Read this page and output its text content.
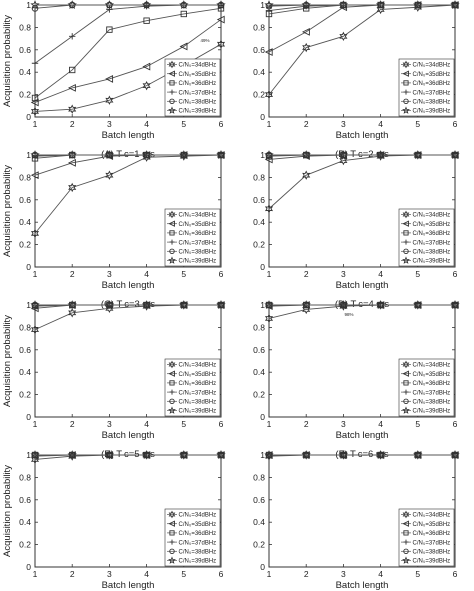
1	2	3	4	5	6
0
0.2
0.4
0.6
0.8
1
Batch length
Acquisition probability
(A) T c=1 ms
49%
C/N₀=34dBHz
C/N₀=35dBHz
C/N₀=36dBHz
C/N₀=37dBHz
C/N₀=38dBHz
C/N₀=39dBHz
1	2	3	4	5	6
0
0.2
0.4
0.6
0.8
1
Batch length
(B) T c=2 ms
C/N₀=34dBHz
C/N₀=35dBHz
C/N₀=36dBHz
C/N₀=37dBHz
C/N₀=38dBHz
C/N₀=39dBHz
1	2	3	4	5	6
0
0.2
0.4
0.6
0.8
1
Batch length
Acquisition probability
(C) T c=3 ms
C/N₀=34dBHz
C/N₀=35dBHz
C/N₀=36dBHz
C/N₀=37dBHz
C/N₀=38dBHz
C/N₀=39dBHz
1	2	3	4	5	6
0
0.2
0.4
0.6
0.8
1
Batch length
(D) T c=4 ms
C/N₀=34dBHz
C/N₀=35dBHz
C/N₀=36dBHz
C/N₀=37dBHz
C/N₀=38dBHz
C/N₀=39dBHz
1	2	3	4	5	6
0
0.2
0.4
0.6
0.8
1
Batch length
Acquisition probability
(E) T c=5 ms
C/N₀=34dBHz
C/N₀=35dBHz
C/N₀=36dBHz
C/N₀=37dBHz
C/N₀=38dBHz
C/N₀=39dBHz
1	2	3	4	5	6
0
0.2
0.4
0.6
0.8
1
Batch length
(F) T c=6 ms
98%
C/N₀=34dBHz
C/N₀=35dBHz
C/N₀=36dBHz
C/N₀=37dBHz
C/N₀=38dBHz
C/N₀=39dBHz
1	2	3	4	5	6
0
0.2
0.4
0.6
0.8
1
Batch length
Acquisition probability	C/N₀=34dBHz
C/N₀=35dBHz
C/N₀=36dBHz
C/N₀=37dBHz
C/N₀=38dBHz
C/N₀=39dBHz
1	2	3	4	5	6
0
0.2
0.4
0.6
0.8
1
Batch length
C/N₀=34dBHz
C/N₀=35dBHz
C/N₀=36dBHz
C/N₀=37dBHz
C/N₀=38dBHz
C/N₀=39dBHz
